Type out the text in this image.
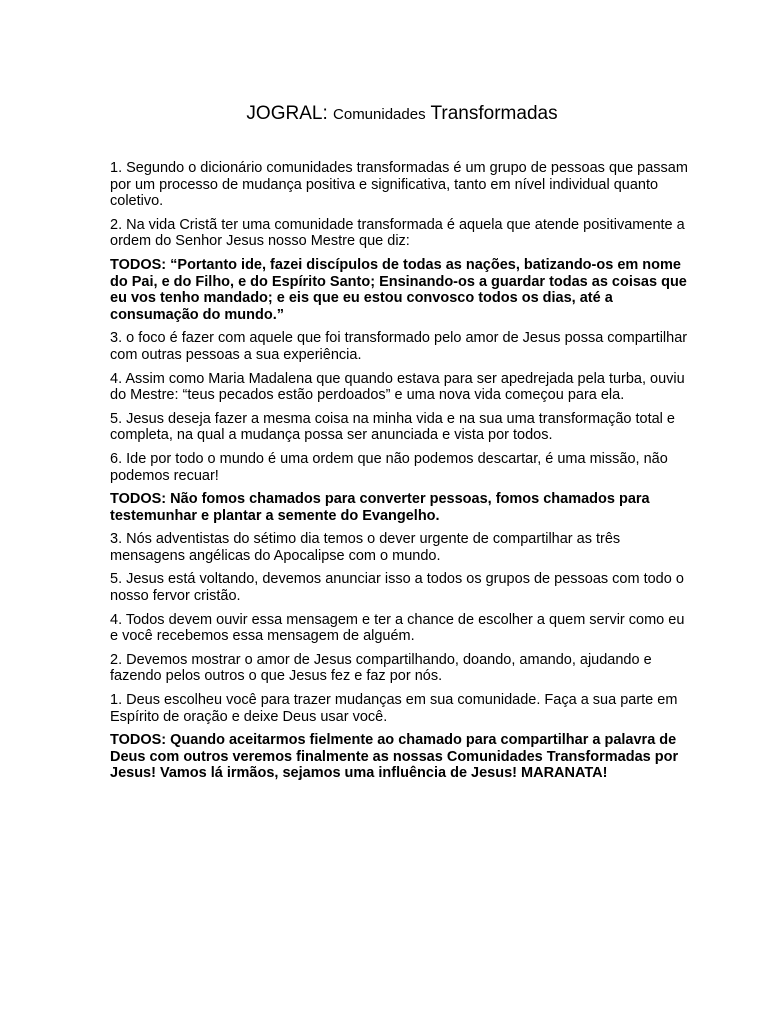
JOGRAL: Comunidades Transformadas

1. Segundo o dicionário comunidades transformadas é um grupo de pessoas que passam por um processo de mudança positiva e significativa, tanto em nível individual quanto coletivo.

2. Na vida Cristã ter uma comunidade transformada é aquela que atende positivamente a ordem do Senhor Jesus nosso Mestre que diz:

TODOS: “Portanto ide, fazei discípulos de todas as nações, batizando-os em nome do Pai, e do Filho, e do Espírito Santo; Ensinando-os a guardar todas as coisas que eu vos tenho mandado; e eis que eu estou convosco todos os dias, até a consumação do mundo.”

3. o foco é fazer com aquele que foi transformado pelo amor de Jesus possa compartilhar com outras pessoas a sua experiência.

4. Assim como Maria Madalena que quando estava para ser apedrejada pela turba, ouviu do Mestre: “teus pecados estão perdoados” e uma nova vida começou para ela.

5. Jesus deseja fazer a mesma coisa na minha vida e na sua uma transformação total e completa, na qual a mudança possa ser anunciada e vista por todos.

6. Ide por todo o mundo é uma ordem que não podemos descartar, é uma missão, não podemos recuar!

TODOS: Não fomos chamados para converter pessoas, fomos chamados para testemunhar e plantar a semente do Evangelho.

3. Nós adventistas do sétimo dia temos o dever urgente de compartilhar as três mensagens angélicas do Apocalipse com o mundo.

5. Jesus está voltando, devemos anunciar isso a todos os grupos de pessoas com todo o nosso fervor cristão.

4. Todos devem ouvir essa mensagem e ter a chance de escolher a quem servir como eu e você recebemos essa mensagem de alguém.

2. Devemos mostrar o amor de Jesus compartilhando, doando, amando, ajudando e fazendo pelos outros o que Jesus fez e faz por nós.

1. Deus escolheu você para trazer mudanças em sua comunidade. Faça a sua parte em Espírito de oração e deixe Deus usar você.

TODOS: Quando aceitarmos fielmente ao chamado para compartilhar a palavra de Deus com outros veremos finalmente as nossas Comunidades Transformadas por Jesus! Vamos lá irmãos, sejamos uma influência de Jesus! MARANATA!
